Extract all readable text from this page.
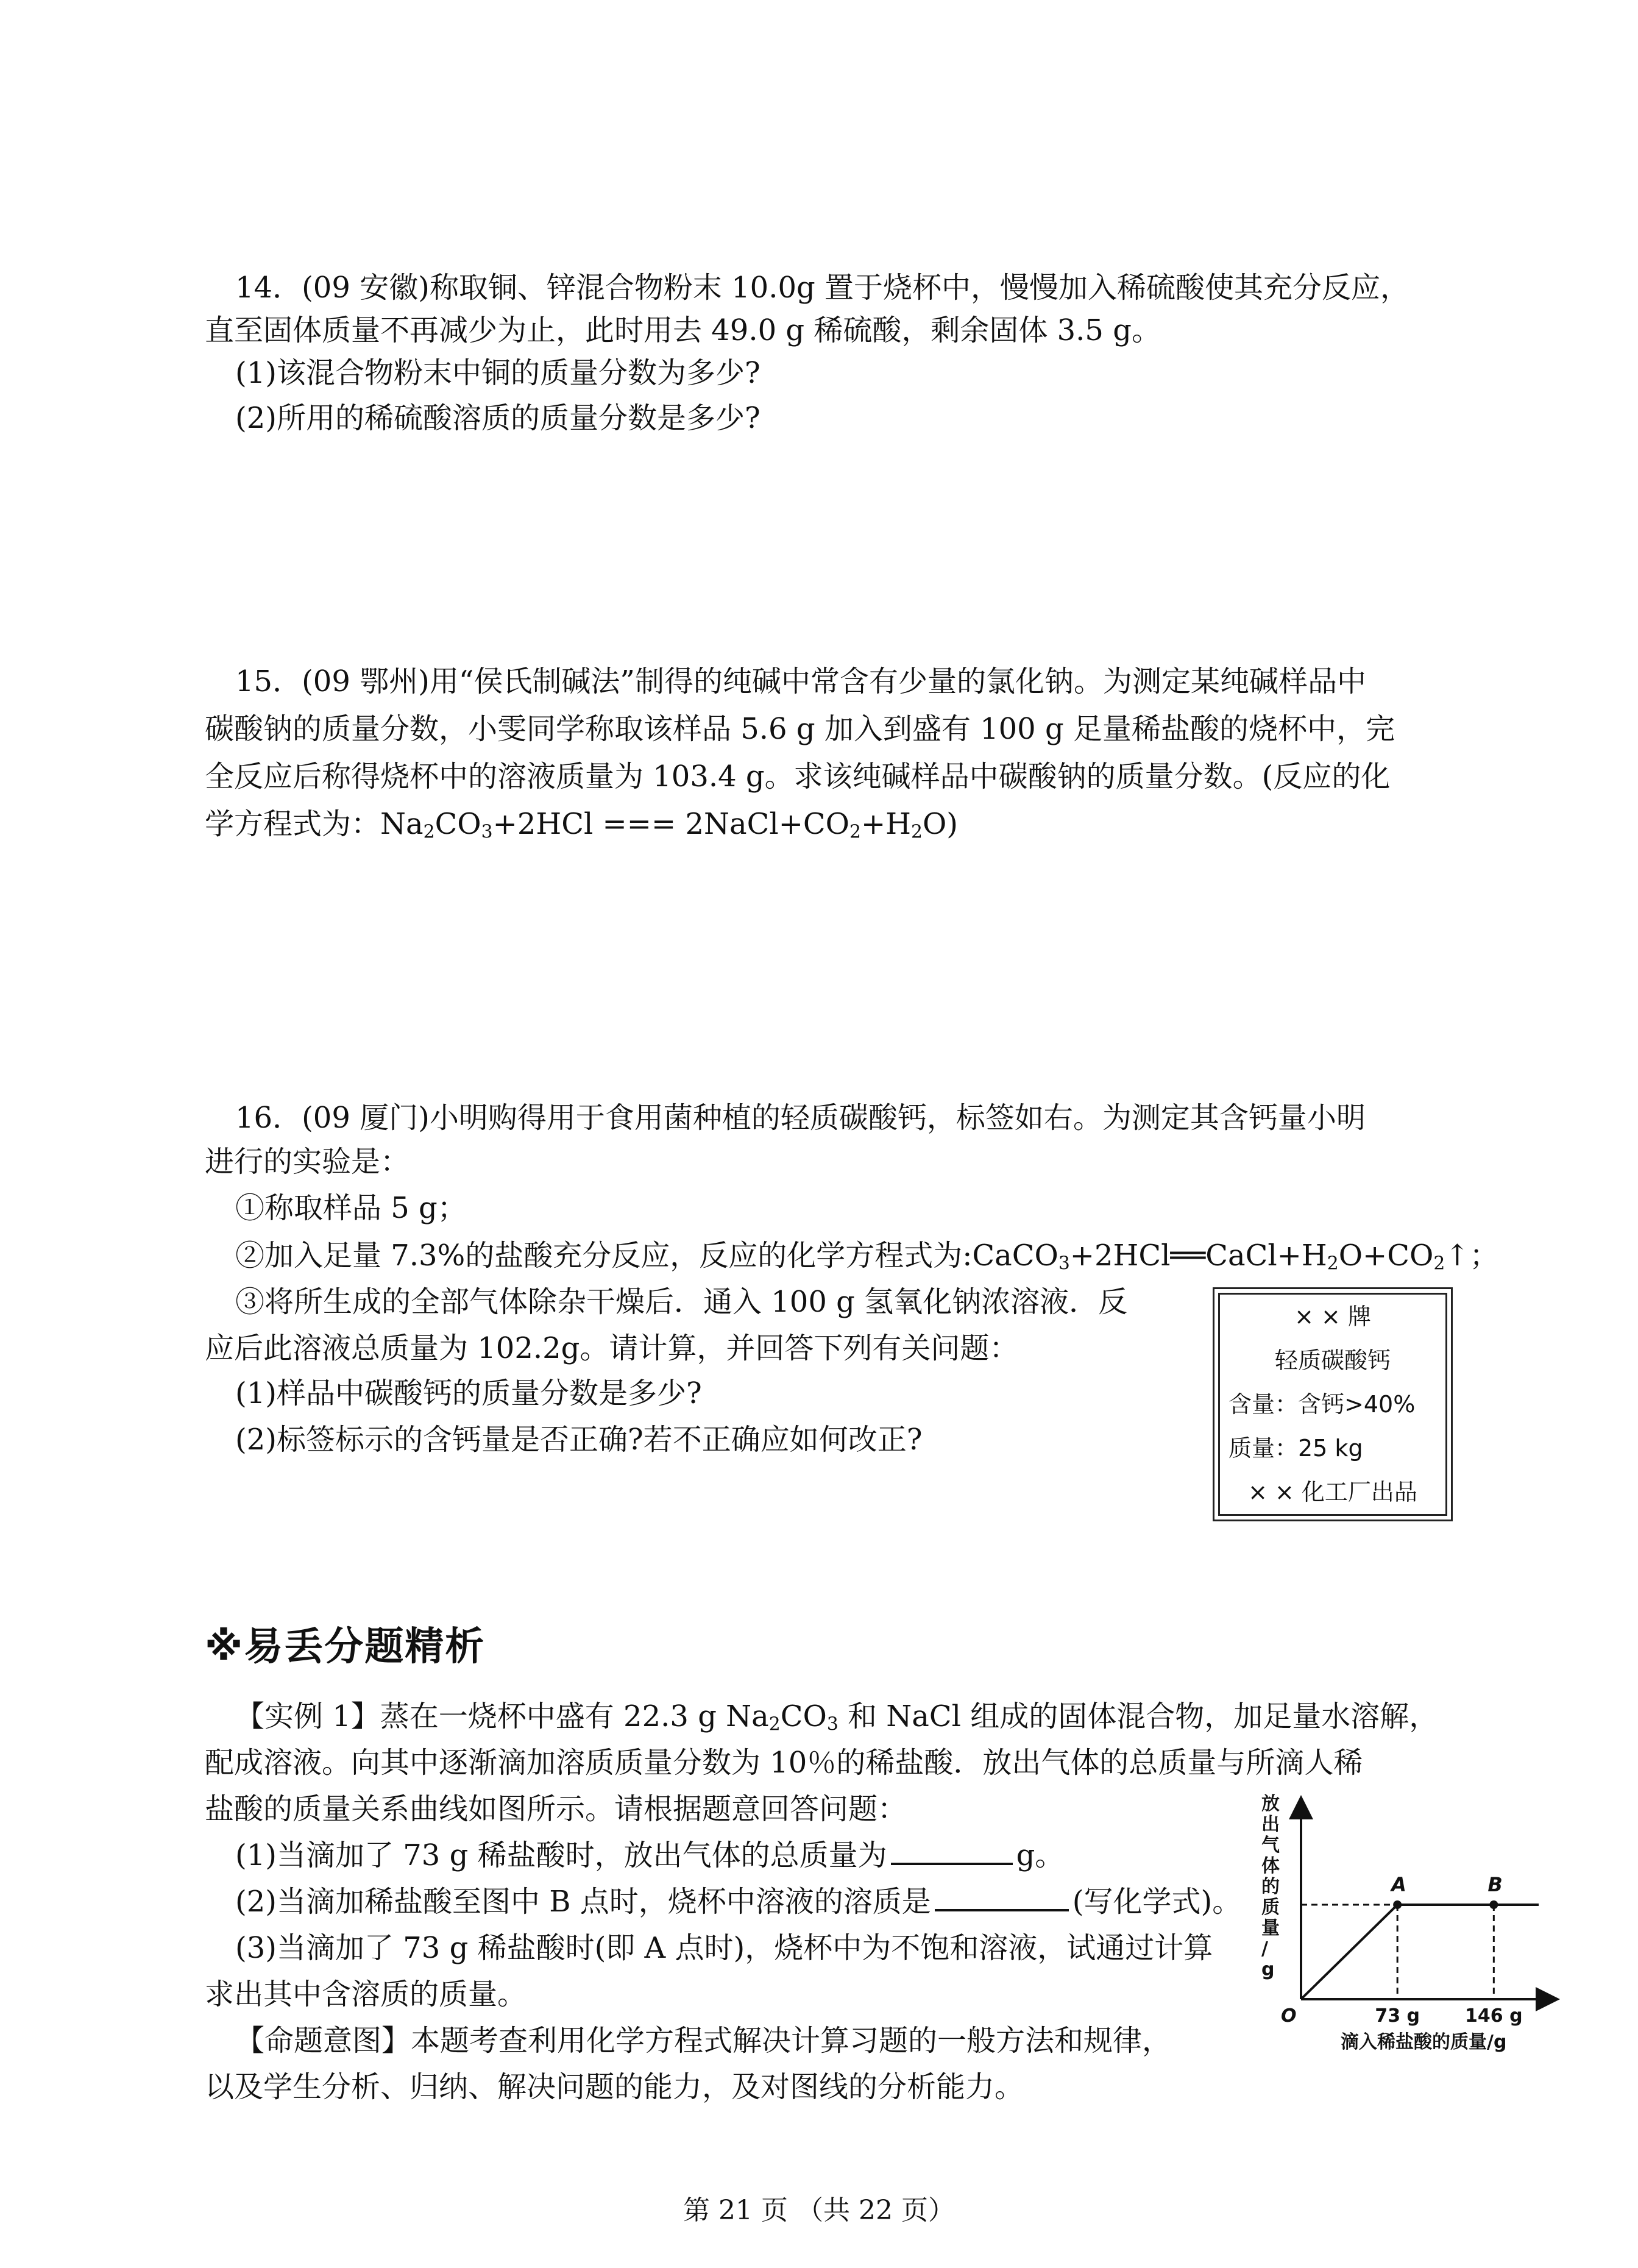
14．(09 安徽)称取铜、锌混合物粉末 10.0g 置于烧杯中，慢慢加入稀硫酸使其充分反应，
直至固体质量不再减少为止，此时用去 49.0 g 稀硫酸，剩余固体 3.5 g。
(1)该混合物粉末中铜的质量分数为多少?
(2)所用的稀硫酸溶质的质量分数是多少?
15．(09 鄂州)用“侯氏制碱法”制得的纯碱中常含有少量的氯化钠。为测定某纯碱样品中
碳酸钠的质量分数，小雯同学称取该样品 5.6 g 加入到盛有 100 g 足量稀盐酸的烧杯中，完
全反应后称得烧杯中的溶液质量为 103.4 g。求该纯碱样品中碳酸钠的质量分数。(反应的化
学方程式为：$Na_2CO_3+2HCl$ === $2NaCl+CO_2+H_2O$)
16．(09 厦门)小明购得用于食用菌种植的轻质碳酸钙，标签如右。为测定其含钙量小明
进行的实验是：
①称取样品 5 g；
②加入足量 7.3%的盐酸充分反应，反应的化学方程式为$:CaCO_3+2HCl══CaCl+H_2O+CO_2↑$；
③将所生成的全部气体除杂干燥后．通入 100 g 氢氧化钠浓溶液．反
应后此溶液总质量为 102.2g。请计算，并回答下列有关问题：
(1)样品中碳酸钙的质量分数是多少?
(2)标签标示的含钙量是否正确?若不正确应如何改正?
× × 牌
轻质碳酸钙
含量：含钙>40%
质量：25 kg
× × 化工厂出品
※易丢分题精析
【实例 1】蒸在一烧杯中盛有 22.3 g $Na_2CO_3$ 和 NaCl 组成的固体混合物，加足量水溶解，
配成溶液。向其中逐渐滴加溶质质量分数为 10％的稀盐酸．放出气体的总质量与所滴人稀
盐酸的质量关系曲线如图所示。请根据题意回答问题：
(1)当滴加了 73 g 稀盐酸时，放出气体的总质量为	g。
(2)当滴加稀盐酸至图中 B 点时，烧杯中溶液的溶质是	(写化学式)。
(3)当滴加了 73 g 稀盐酸时(即 A 点时)，烧杯中为不饱和溶液，试通过计算
求出其中含溶质的质量。
【命题意图】本题考查利用化学方程式解决计算习题的一般方法和规律，
以及学生分析、归纳、解决问题的能力，及对图线的分析能力。
放
出
气
体
的
质
量
/
g
A	B
73 g 146 g
O
滴入稀盐酸的质量/g
第 21 页 （共 22 页）
